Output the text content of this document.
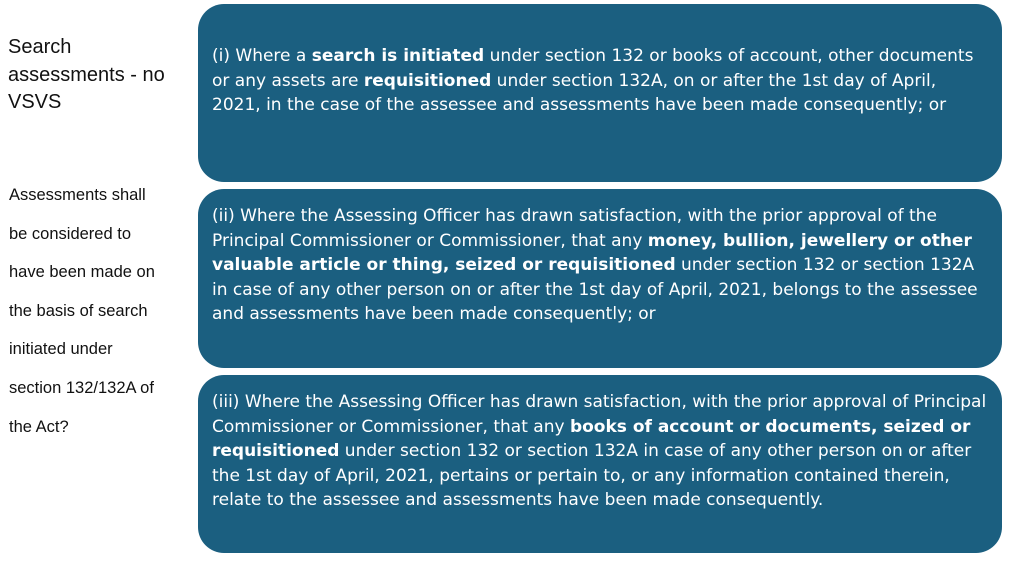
Search assessments - no VSVS
Assessments shall
be considered to
have been made on
the basis of search
initiated under
section 132/132A of
the Act?

(i) Where a search is initiated under section 132 or books of account, other documents or any assets are requisitioned under section 132A, on or after the 1st day of April, 2021, in the case of the assessee and assessments have been made consequently; or

(ii) Where the Assessing Officer has drawn satisfaction, with the prior approval of the Principal Commissioner or Commissioner, that any money, bullion, jewellery or other valuable article or thing, seized or requisitioned under section 132 or section 132A in case of any other person on or after the 1st day of April, 2021, belongs to the assessee and assessments have been made consequently; or

(iii) Where the Assessing Officer has drawn satisfaction, with the prior approval of Principal Commissioner or Commissioner, that any books of account or documents, seized or requisitioned under section 132 or section 132A in case of any other person on or after the 1st day of April, 2021, pertains or pertain to, or any information contained therein, relate to the assessee and assessments have been made consequently.
